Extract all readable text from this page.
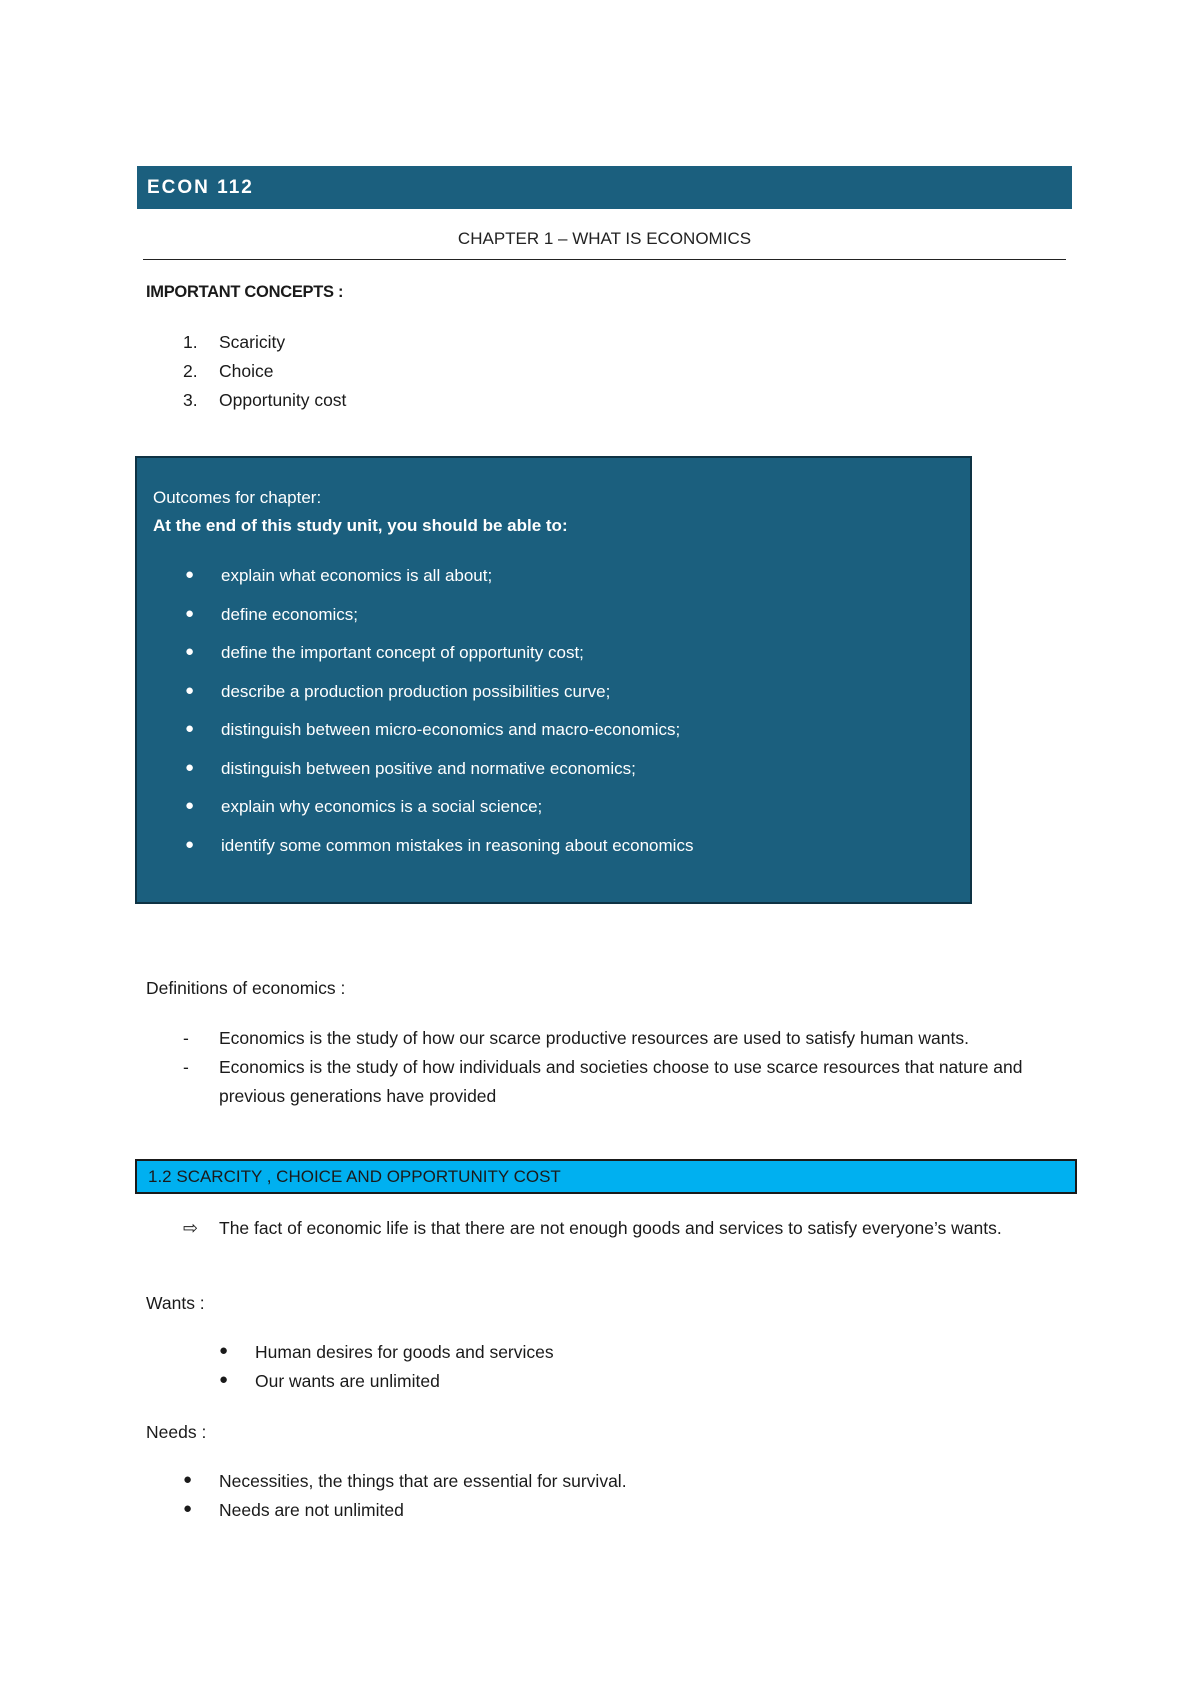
ECON 112
CHAPTER 1 – WHAT IS ECONOMICS
IMPORTANT CONCEPTS :
1.	Scaricity
2.	Choice
3.	Opportunity cost
Outcomes for chapter:
At the end of this study unit, you should be able to:
●	explain what economics is all about;
●	define economics;
●	define the important concept of opportunity cost;
●	describe a production production possibilities curve;
●	distinguish between micro-economics and macro-economics;
●	distinguish between positive and normative economics;
●	explain why economics is a social science;
●	identify some common mistakes in reasoning about economics
Definitions of economics :
-	Economics is the study of how our scarce productive resources are used to satisfy human wants.
-	Economics is the study of how individuals and societies choose to use scarce resources that nature and previous generations have provided
1.2 SCARCITY , CHOICE AND OPPORTUNITY COST
⇨	The fact of economic life is that there are not enough goods and services to satisfy everyone’s wants.
Wants :
●	Human desires for goods and services
●	Our wants are unlimited
Needs :
●	Necessities, the things that are essential for survival.
●	Needs are not unlimited
